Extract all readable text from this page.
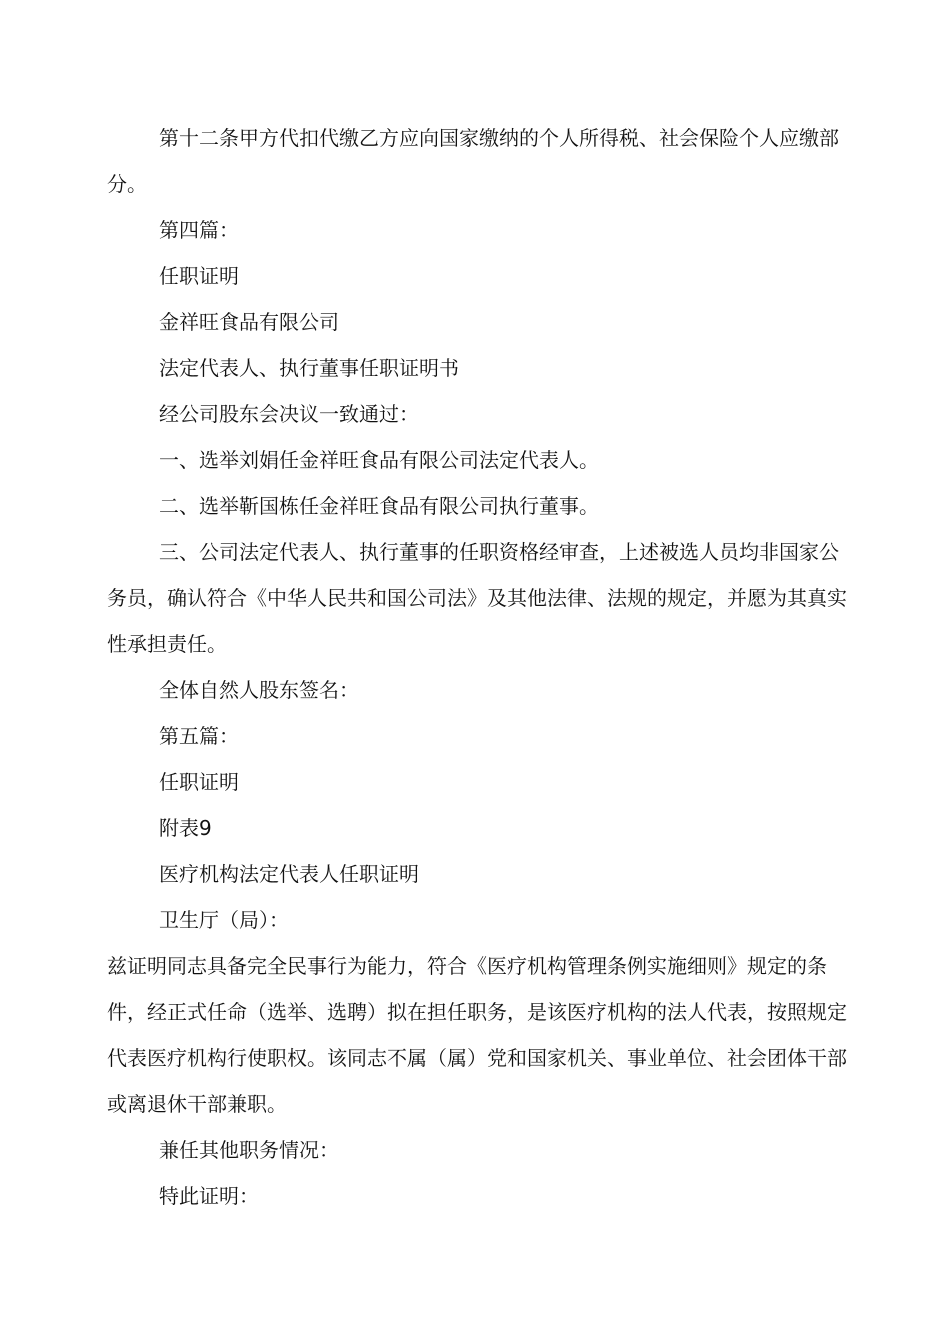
第十二条甲方代扣代缴乙方应向国家缴纳的个人所得税、社会保险个人应缴部分。

第四篇：

任职证明

金祥旺食品有限公司

法定代表人、执行董事任职证明书

经公司股东会决议一致通过：

一、选举刘娟任金祥旺食品有限公司法定代表人。

二、选举靳国栋任金祥旺食品有限公司执行董事。

三、公司法定代表人、执行董事的任职资格经审查，上述被选人员均非国家公务员，确认符合《中华人民共和国公司法》及其他法律、法规的规定，并愿为其真实性承担责任。

全体自然人股东签名：

第五篇：

任职证明

附表9

医疗机构法定代表人任职证明

卫生厅（局）：

兹证明同志具备完全民事行为能力，符合《医疗机构管理条例实施细则》规定的条件，经正式任命（选举、选聘）拟在担任职务，是该医疗机构的法人代表，按照规定代表医疗机构行使职权。该同志不属（属）党和国家机关、事业单位、社会团体干部或离退休干部兼职。

兼任其他职务情况：

特此证明：
